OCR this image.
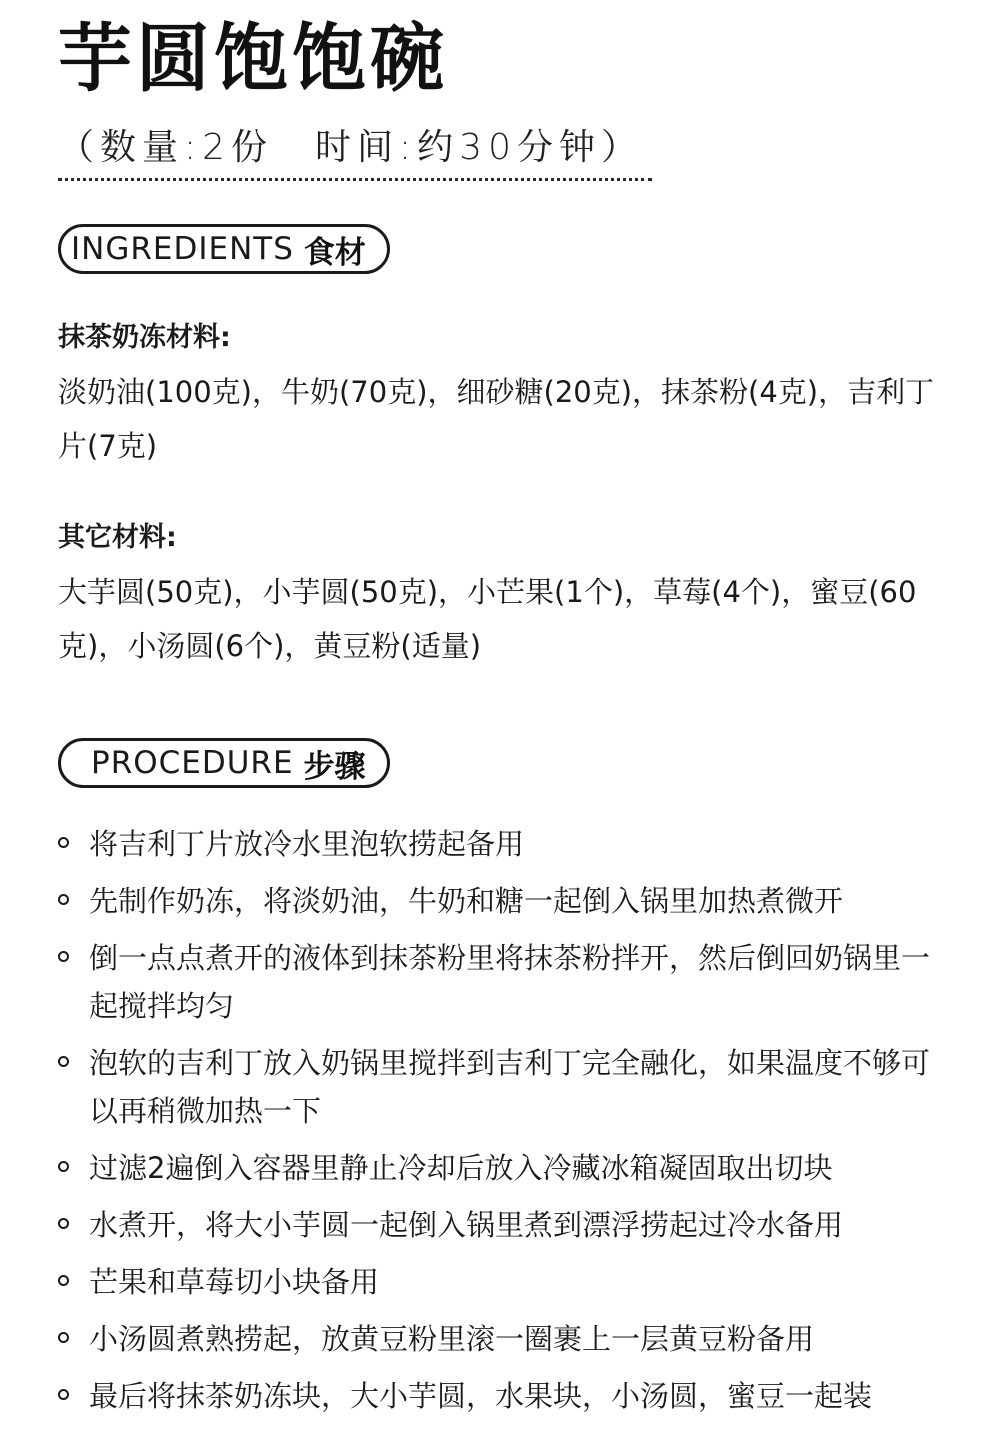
芋圆饱饱碗
（数量:2份　时间:约30分钟）
INGREDIENTS 食材
抹茶奶冻材料:
淡奶油(100克)，牛奶(70克)，细砂糖(20克)，抹茶粉(4克)，吉利丁片(7克)
其它材料:
大芋圆(50克)，小芋圆(50克)，小芒果(1个)，草莓(4个)，蜜豆(60克)，小汤圆(6个)，黄豆粉(适量)
PROCEDURE 步骤
将吉利丁片放冷水里泡软捞起备用
先制作奶冻，将淡奶油，牛奶和糖一起倒入锅里加热煮微开
倒一点点煮开的液体到抹茶粉里将抹茶粉拌开，然后倒回奶锅里一起搅拌均匀
泡软的吉利丁放入奶锅里搅拌到吉利丁完全融化，如果温度不够可以再稍微加热一下
过滤2遍倒入容器里静止冷却后放入冷藏冰箱凝固取出切块
水煮开，将大小芋圆一起倒入锅里煮到漂浮捞起过冷水备用
芒果和草莓切小块备用
小汤圆煮熟捞起，放黄豆粉里滚一圈裹上一层黄豆粉备用
最后将抹茶奶冻块，大小芋圆，水果块，小汤圆，蜜豆一起装
